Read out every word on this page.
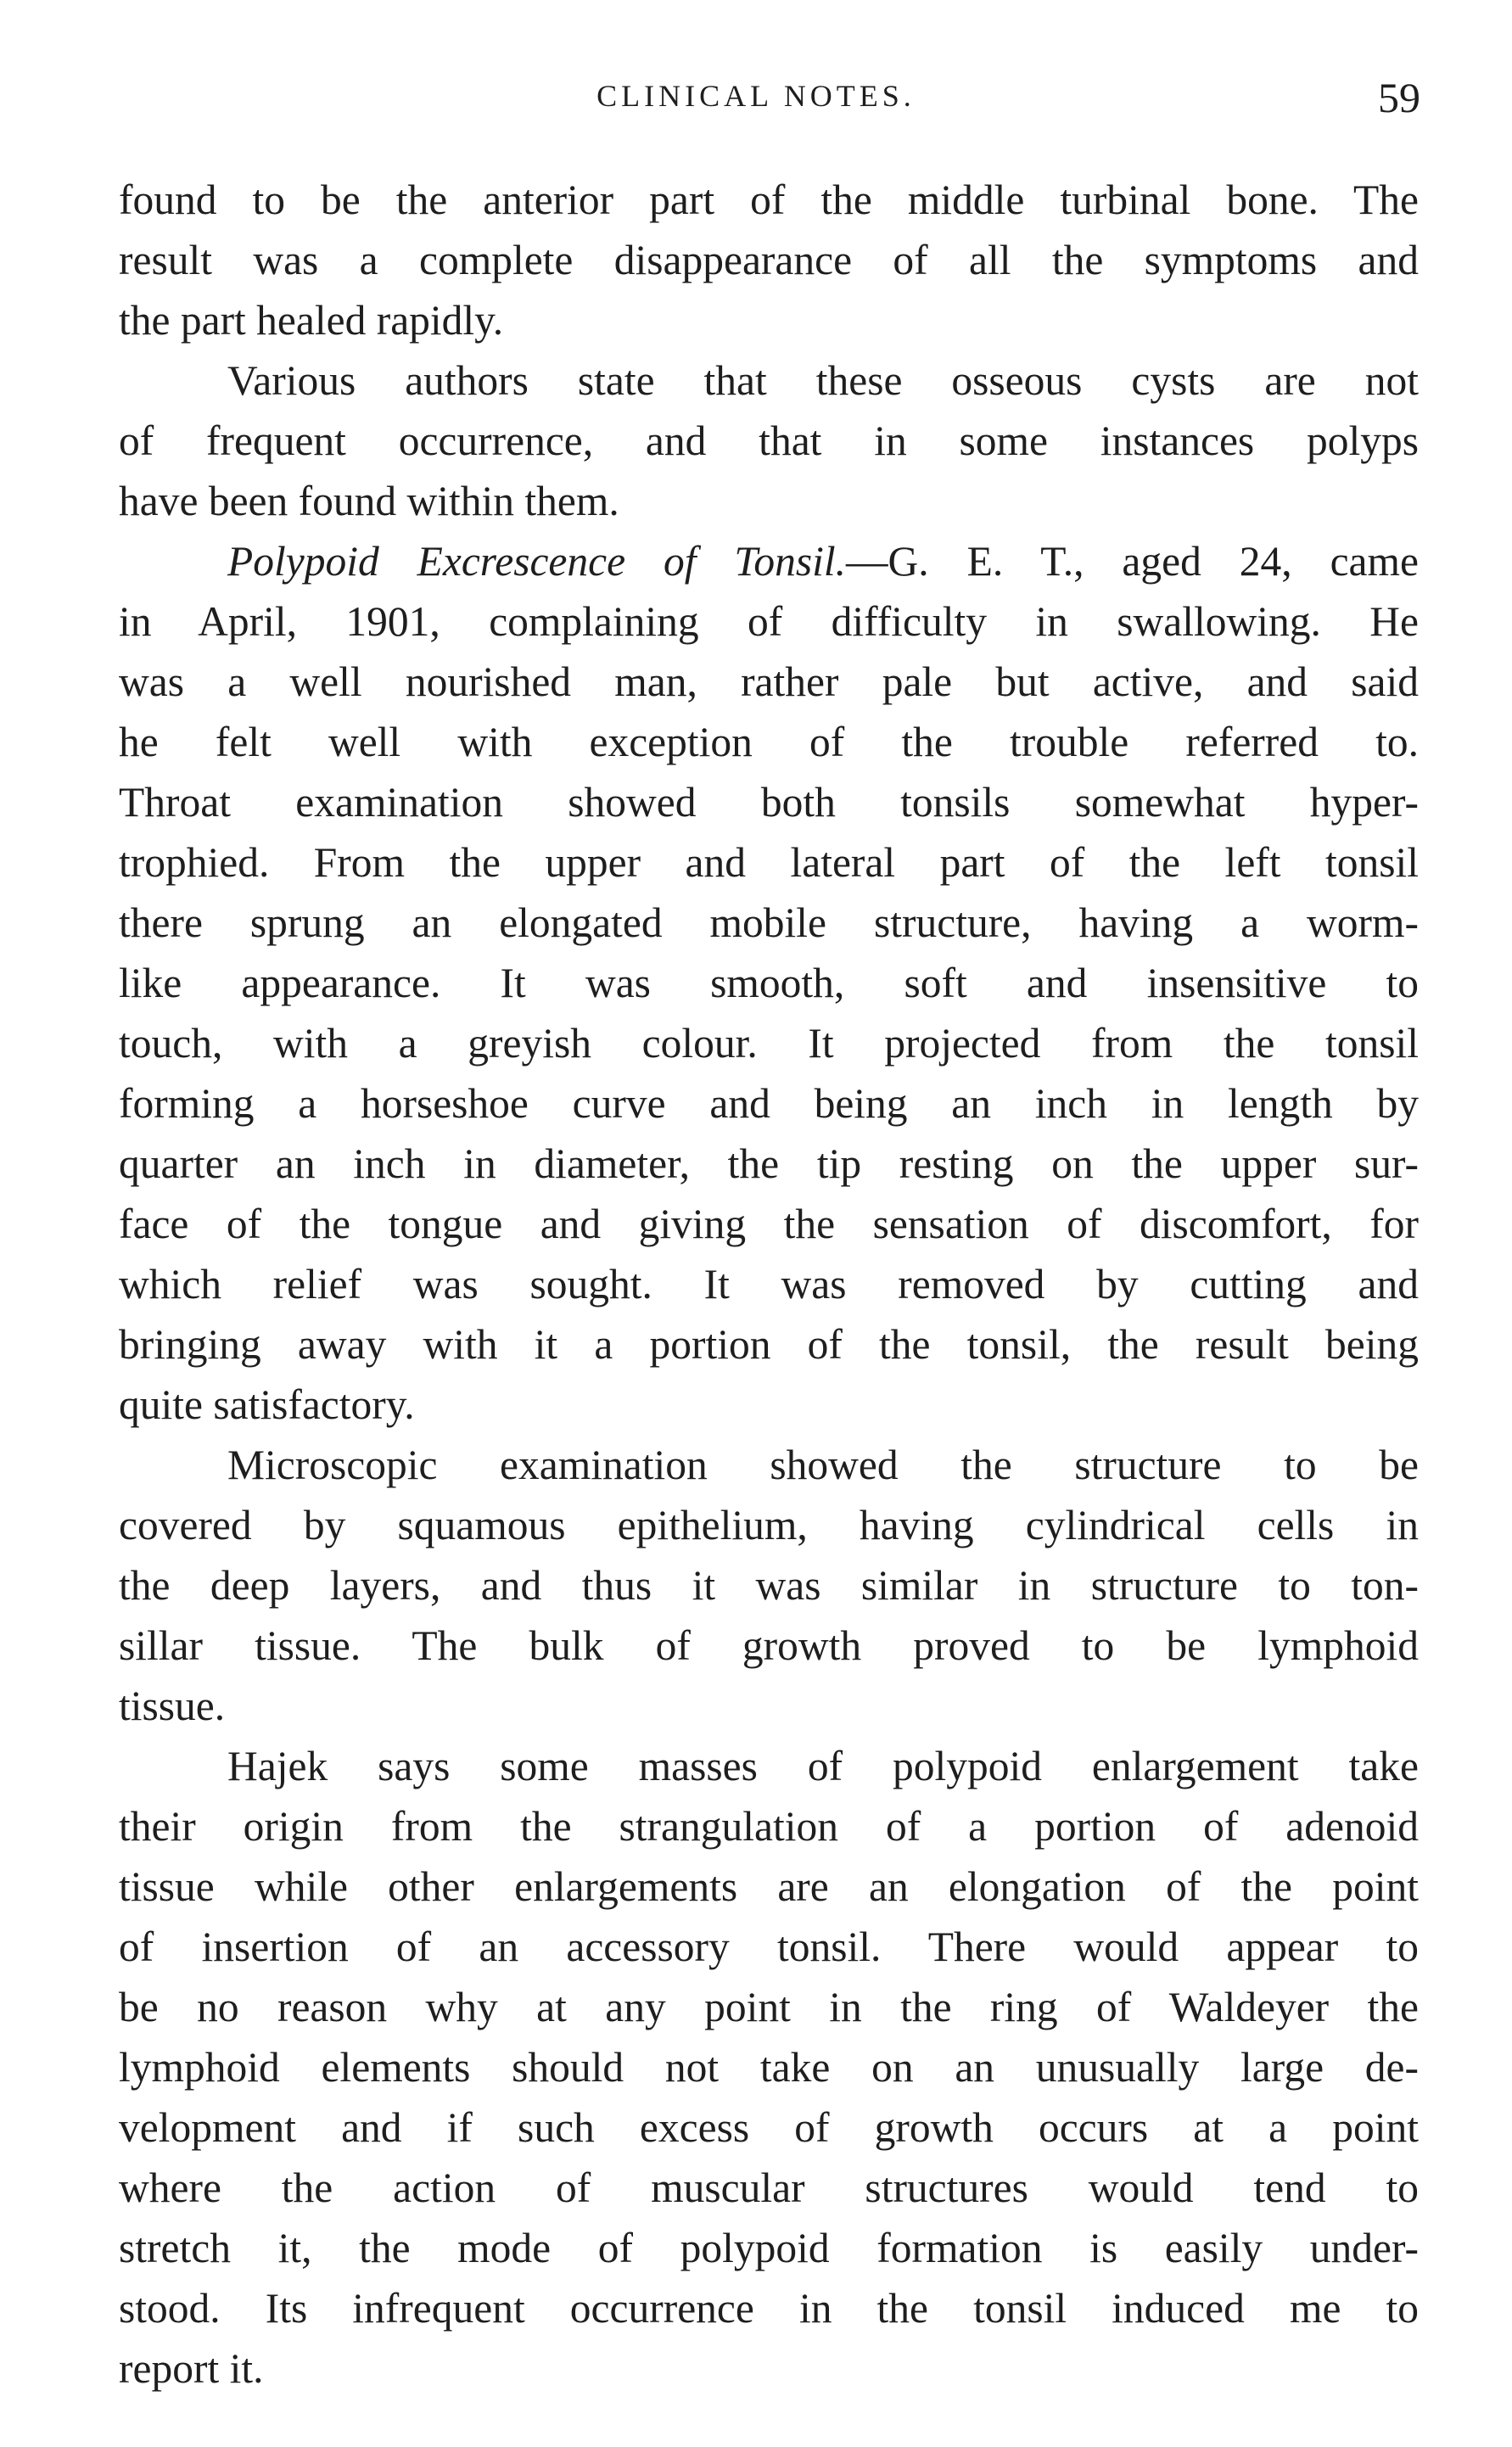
CLINICAL NOTES.	59
found to be the anterior part of the middle turbinal bone. The
result was a complete disappearance of all the symptoms and
the part healed rapidly.
Various authors state that these osseous cysts are not
of frequent occurrence, and that in some instances polyps
have been found within them.
Polypoid Excrescence of Tonsil.—G. E. T., aged 24, came
in April, 1901, complaining of difficulty in swallowing. He
was a well nourished man, rather pale but active, and said
he felt well with exception of the trouble referred to.
Throat examination showed both tonsils somewhat hyper-
trophied. From the upper and lateral part of the left tonsil
there sprung an elongated mobile structure, having a worm-
like appearance. It was smooth, soft and insensitive to
touch, with a greyish colour. It projected from the tonsil
forming a horseshoe curve and being an inch in length by
quarter an inch in diameter, the tip resting on the upper sur-
face of the tongue and giving the sensation of discomfort, for
which relief was sought. It was removed by cutting and
bringing away with it a portion of the tonsil, the result being
quite satisfactory.
Microscopic examination showed the structure to be
covered by squamous epithelium, having cylindrical cells in
the deep layers, and thus it was similar in structure to ton-
sillar tissue. The bulk of growth proved to be lymphoid
tissue.
Hajek says some masses of polypoid enlargement take
their origin from the strangulation of a portion of adenoid
tissue while other enlargements are an elongation of the point
of insertion of an accessory tonsil. There would appear to
be no reason why at any point in the ring of Waldeyer the
lymphoid elements should not take on an unusually large de-
velopment and if such excess of growth occurs at a point
where the action of muscular structures would tend to
stretch it, the mode of polypoid formation is easily under-
stood. Its infrequent occurrence in the tonsil induced me to
report it.
